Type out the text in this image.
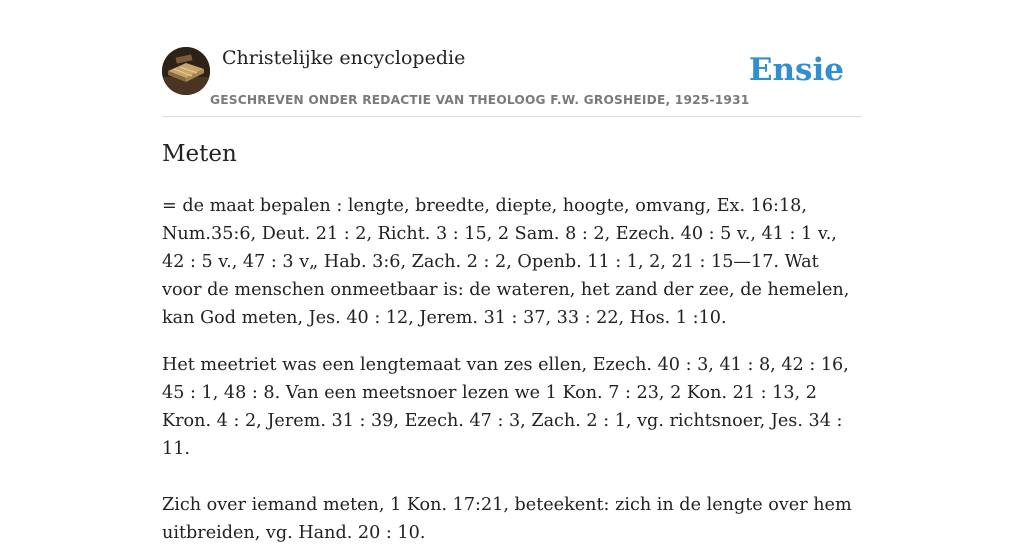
Christelijke encyclopedie
GESCHREVEN ONDER REDACTIE VAN THEOLOOG F.W. GROSHEIDE, 1925-1931
Ensie
Meten

= de maat bepalen : lengte, breedte, diepte, hoogte, omvang, Ex. 16:18, Num.35:6, Deut. 21 : 2, Richt. 3 : 15, 2 Sam. 8 : 2, Ezech. 40 : 5 v., 41 : 1 v., 42 : 5 v., 47 : 3 v„ Hab. 3:6, Zach. 2 : 2, Openb. 11 : 1, 2, 21 : 15—17. Wat voor de menschen onmeetbaar is: de wateren, het zand der zee, de hemelen, kan God meten, Jes. 40 : 12, Jerem. 31 : 37, 33 : 22, Hos. 1 :10.

Het meetriet was een lengtemaat van zes ellen, Ezech. 40 : 3, 41 : 8, 42 : 16, 45 : 1, 48 : 8. Van een meetsnoer lezen we 1 Kon. 7 : 23, 2 Kon. 21 : 13, 2 Kron. 4 : 2, Jerem. 31 : 39, Ezech. 47 : 3, Zach. 2 : 1, vg. richtsnoer, Jes. 34 : 11.

Zich over iemand meten, 1 Kon. 17:21, beteekent: zich in de lengte over hem uitbreiden, vg. Hand. 20 : 10.
